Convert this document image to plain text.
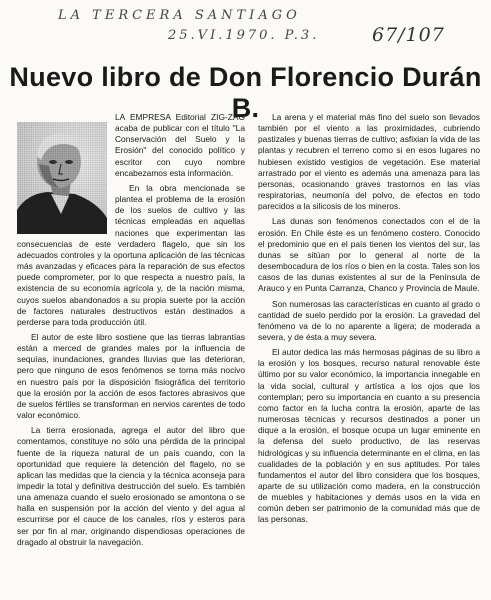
LA TERCERA SANTIAGO
25.VI.1970. P.3.	67/107
Nuevo libro de Don Florencio Durán B.

LA EMPRESA Editorial ZIG-ZAG acaba de publicar con el título "La Conservación del Suelo y la Erosión" del conocido político y escritor con cuyo nombre encabezamos esta información.

En la obra mencionada se plantea el problema de la erosión de los suelos de cultivo y las técnicas empleadas en aquellas naciones que experimentan las consecuencias de este verdadero flagelo, que sin los adecuados controles y la oportuna aplicación de las técnicas más avanzadas y eficaces para la reparación de sus efectos puede comprometer, por lo que respecta a nuestro país, la existencia de su economía agrícola y, de la nación misma, cuyos suelos abandonados a su propia suerte por la acción de factores naturales destructivos están destinados a perderse para toda producción útil.

El autor de este libro sostiene que las tierras labrantías están a merced de grandes males por la influencia de sequías, inundaciones, grandes lluvias que las deterioran, pero que ninguno de esos fenómenos se torna más nocivo en nuestro país por la disposición fisiográfica del territorio que la erosión por la acción de esos factores abrasivos que de suelos fértiles se transforman en nervios carentes de todo valor económico.

La tierra erosionada, agrega el autor del libro que comentamos, constituye no sólo una pérdida de la principal fuente de la riqueza natural de un país cuando, con la oportunidad que requiere la detención del flagelo, no se aplican las medidas que la ciencia y la técnica aconseja para impedir la total y definitiva destrucción del suelo. Es también una amenaza cuando el suelo erosionado se amontona o se halla en suspensión por la acción del viento y del agua al escurrirse por el cauce de los canales, ríos y esteros para ser por fin al mar, originando dispendiosas operaciones de dragado al obstruir la navegación.

La arena y el material más fino del suelo son llevados también por el viento a las proximidades, cubriendo pastizales y buenas tierras de cultivo; asfixian la vida de las plantas y recubren el terreno como si en esos lugares no hubiesen existido vestigios de vegetación. Ese material arrastrado por el viento es además una amenaza para las personas, ocasionando graves trastornos en las vías respiratorias, neumonía del polvo, de efectos en todo parecidos a la silicosis de los mineros.

Las dunas son fenómenos conectados con el de la erosión. En Chile éste es un fenómeno costero. Conocido el predominio que en el país tienen los vientos del sur, las dunas se sitúan por lo general al norte de la desembocadura de los ríos o bien en la costa. Tales son los casos de las dunas existentes al sur de la Península de Arauco y en Punta Carranza, Chanco y Provincia de Maule.

Son numerosas las características en cuanto al grado o cantidad de suelo perdido por la erosión. La gravedad del fenómeno va de lo no aparente a ligera; de moderada a severa, y de ésta a muy severa.

El autor dedica las más hermosas páginas de su libro a la erosión y los bosques, recurso natural renovable éste último por su valor económico, la importancia innegable en la vida social, cultural y artística a los ojos que los contemplan; pero su importancia en cuanto a su presencia como factor en la lucha contra la erosión, aparte de las numerosas técnicas y recursos destinados a poner un dique a la erosión, el bosque ocupa un lugar eminente en la defensa del suelo productivo, de las reservas hidrológicas y su influencia determinante en el clima, en las cualidades de la población y en sus aptitudes. Por tales fundamentos el autor del libro considera que los bosques, aparte de su utilización como madera, en la construcción de muebles y habitaciones y demás usos en la vida en común deben ser patrimonio de la comunidad más que de las personas.
